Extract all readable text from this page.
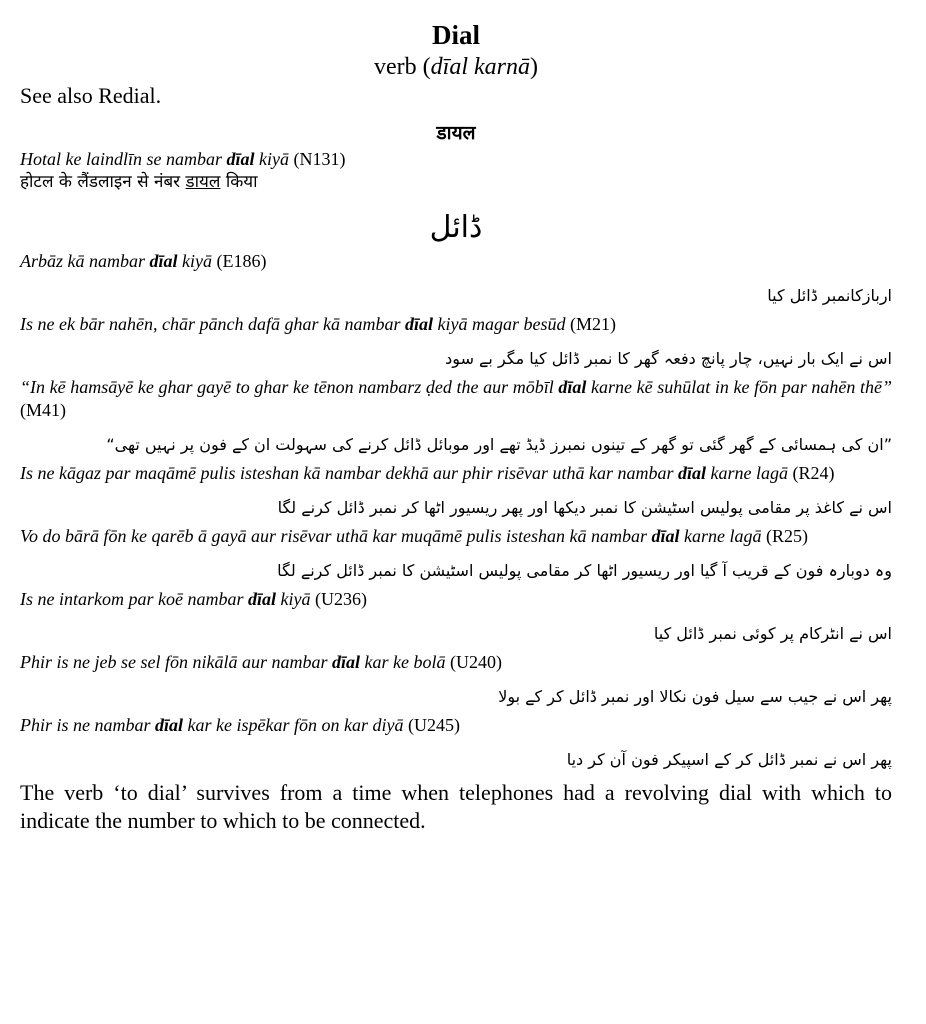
Dial
verb (dīal karnā)
See also Redial.
डायल
Hotal ke laindlīn se nambar dīal kiyā (N131)
होटल के लैंडलाइन से नंबर डायल किया
ڈائل
Arbāz kā nambar dīal kiyā (E186)
اربازکانمبر ڈائل کیا
Is ne ek bār nahēn, chār pānch dafā ghar kā nambar dīal kiyā magar besūd (M21)
اس نے ایک بار نہیں، چار پانچ دفعہ گھر کا نمبر ڈائل کیا مگر بے سود
“In kē hamsāyē ke ghar gayē to ghar ke tēnon nambarz ḍed the aur mōbīl dīal karne kē suhūlat in ke fōn par nahēn thē” (M41)
”ان کی ہمسائی کے گھر گئی تو گھر کے تینوں نمبرز ڈیڈ تھے اور موبائل ڈائل کرنے کی سہولت ان کے فون پر نہیں تھی“
Is ne kāgaz par maqāmē pulis isteshan kā nambar dekhā aur phir risēvar uthā kar nambar dīal karne lagā (R24)
اس نے کاغذ پر مقامی پولیس اسٹیشن کا نمبر دیکھا اور پھر ریسیور اٹھا کر نمبر ڈائل کرنے لگا
Vo do bārā fōn ke qarēb ā gayā aur risēvar uthā kar muqāmē pulis isteshan kā nambar dīal karne lagā (R25)
وہ دوبارہ فون کے قریب آ گیا اور ریسیور اٹھا کر مقامی پولیس اسٹیشن کا نمبر ڈائل کرنے لگا
Is ne intarkom par koē nambar dīal kiyā (U236)
اس نے انٹرکام پر کوئی نمبر ڈائل کیا
Phir is ne jeb se sel fōn nikālā aur nambar dīal kar ke bolā (U240)
پھر اس نے جیب سے سیل فون نکالا اور نمبر ڈائل کر کے بولا
Phir is ne nambar dīal kar ke ispēkar fōn on kar diyā (U245)
پھر اس نے نمبر ڈائل کر کے اسپیکر فون آن کر دیا
The verb ‘to dial’ survives from a time when telephones had a revolving dial with which to indicate the number to which to be connected.
